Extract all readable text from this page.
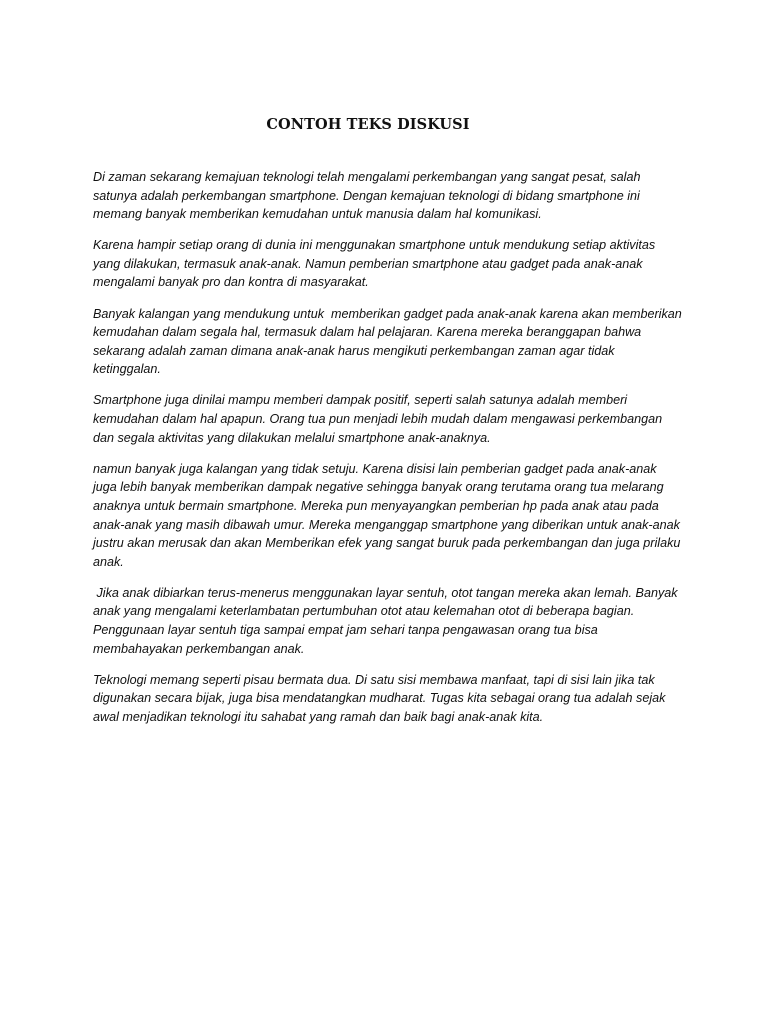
CONTOH TEKS DISKUSI

Di zaman sekarang kemajuan teknologi telah mengalami perkembangan yang sangat pesat, salah satunya adalah perkembangan smartphone. Dengan kemajuan teknologi di bidang smartphone ini memang banyak memberikan kemudahan untuk manusia dalam hal komunikasi.

Karena hampir setiap orang di dunia ini menggunakan smartphone untuk mendukung setiap aktivitas yang dilakukan, termasuk anak-anak. Namun pemberian smartphone atau gadget pada anak-anak mengalami banyak pro dan kontra di masyarakat.

Banyak kalangan yang mendukung untuk  memberikan gadget pada anak-anak karena akan memberikan kemudahan dalam segala hal, termasuk dalam hal pelajaran. Karena mereka beranggapan bahwa sekarang adalah zaman dimana anak-anak harus mengikuti perkembangan zaman agar tidak ketinggalan.

Smartphone juga dinilai mampu memberi dampak positif, seperti salah satunya adalah memberi kemudahan dalam hal apapun. Orang tua pun menjadi lebih mudah dalam mengawasi perkembangan dan segala aktivitas yang dilakukan melalui smartphone anak-anaknya.

namun banyak juga kalangan yang tidak setuju. Karena disisi lain pemberian gadget pada anak-anak juga lebih banyak memberikan dampak negative sehingga banyak orang terutama orang tua melarang anaknya untuk bermain smartphone. Mereka pun menyayangkan pemberian hp pada anak atau pada anak-anak yang masih dibawah umur. Mereka menganggap smartphone yang diberikan untuk anak-anak justru akan merusak dan akan Memberikan efek yang sangat buruk pada perkembangan dan juga prilaku anak.

Jika anak dibiarkan terus-menerus menggunakan layar sentuh, otot tangan mereka akan lemah. Banyak anak yang mengalami keterlambatan pertumbuhan otot atau kelemahan otot di beberapa bagian. Penggunaan layar sentuh tiga sampai empat jam sehari tanpa pengawasan orang tua bisa membahayakan perkembangan anak.

Teknologi memang seperti pisau bermata dua. Di satu sisi membawa manfaat, tapi di sisi lain jika tak digunakan secara bijak, juga bisa mendatangkan mudharat. Tugas kita sebagai orang tua adalah sejak awal menjadikan teknologi itu sahabat yang ramah dan baik bagi anak-anak kita.
